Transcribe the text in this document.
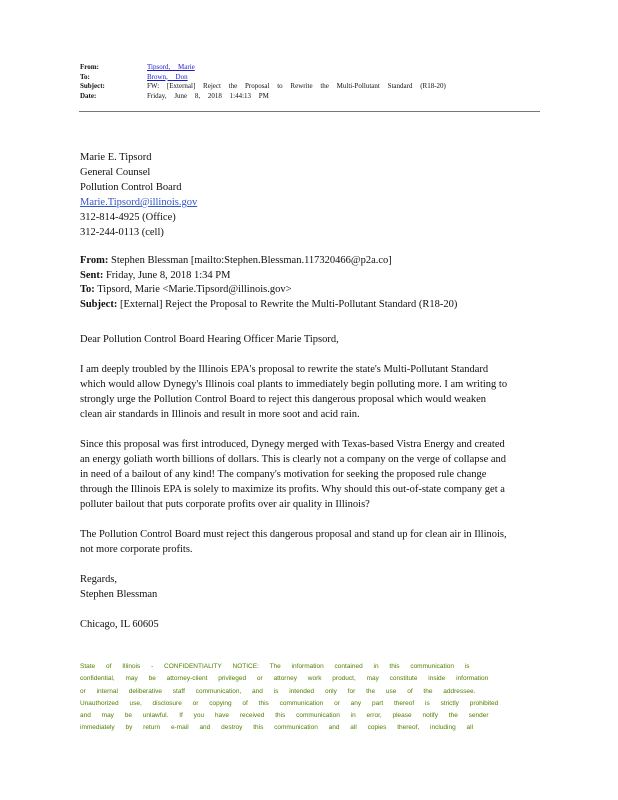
From:	Tipsord, Marie
To:	Brown, Don
Subject:	FW: [External] Reject the Proposal to Rewrite the Multi-Pollutant Standard (R18-20)
Date:	Friday, June 8, 2018 1:44:13 PM
Marie E. Tipsord
General Counsel
Pollution Control Board
Marie.Tipsord@illinois.gov
312-814-4925 (Office)
312-244-0113 (cell)
From: Stephen Blessman [mailto:Stephen.Blessman.117320466@p2a.co]
Sent: Friday, June 8, 2018 1:34 PM
To: Tipsord, Marie <Marie.Tipsord@illinois.gov>
Subject: [External] Reject the Proposal to Rewrite the Multi-Pollutant Standard (R18-20)

Dear Pollution Control Board Hearing Officer Marie Tipsord,

I am deeply troubled by the Illinois EPA's proposal to rewrite the state's Multi-Pollutant Standard
which would allow Dynegy's Illinois coal plants to immediately begin polluting more. I am writing to
strongly urge the Pollution Control Board to reject this dangerous proposal which would weaken
clean air standards in Illinois and result in more soot and acid rain.

Since this proposal was first introduced, Dynegy merged with Texas-based Vistra Energy and created
an energy goliath worth billions of dollars. This is clearly not a company on the verge of collapse and
in need of a bailout of any kind! The company's motivation for seeking the proposed rule change
through the Illinois EPA is solely to maximize its profits. Why should this out-of-state company get a
polluter bailout that puts corporate profits over air quality in Illinois?

The Pollution Control Board must reject this dangerous proposal and stand up for clean air in Illinois,
not more corporate profits.

Regards,
Stephen Blessman

Chicago, IL 60605

State of Illinois - CONFIDENTIALITY NOTICE: The information contained in this communication is
confidential, may be attorney-client privileged or attorney work product, may constitute inside information
or internal deliberative staff communication, and is intended only for the use of the addressee.
Unauthorized use, disclosure or copying of this communication or any part thereof is strictly prohibited
and may be unlawful. If you have received this communication in error, please notify the sender
immediately by return e-mail and destroy this communication and all copies thereof, including all
